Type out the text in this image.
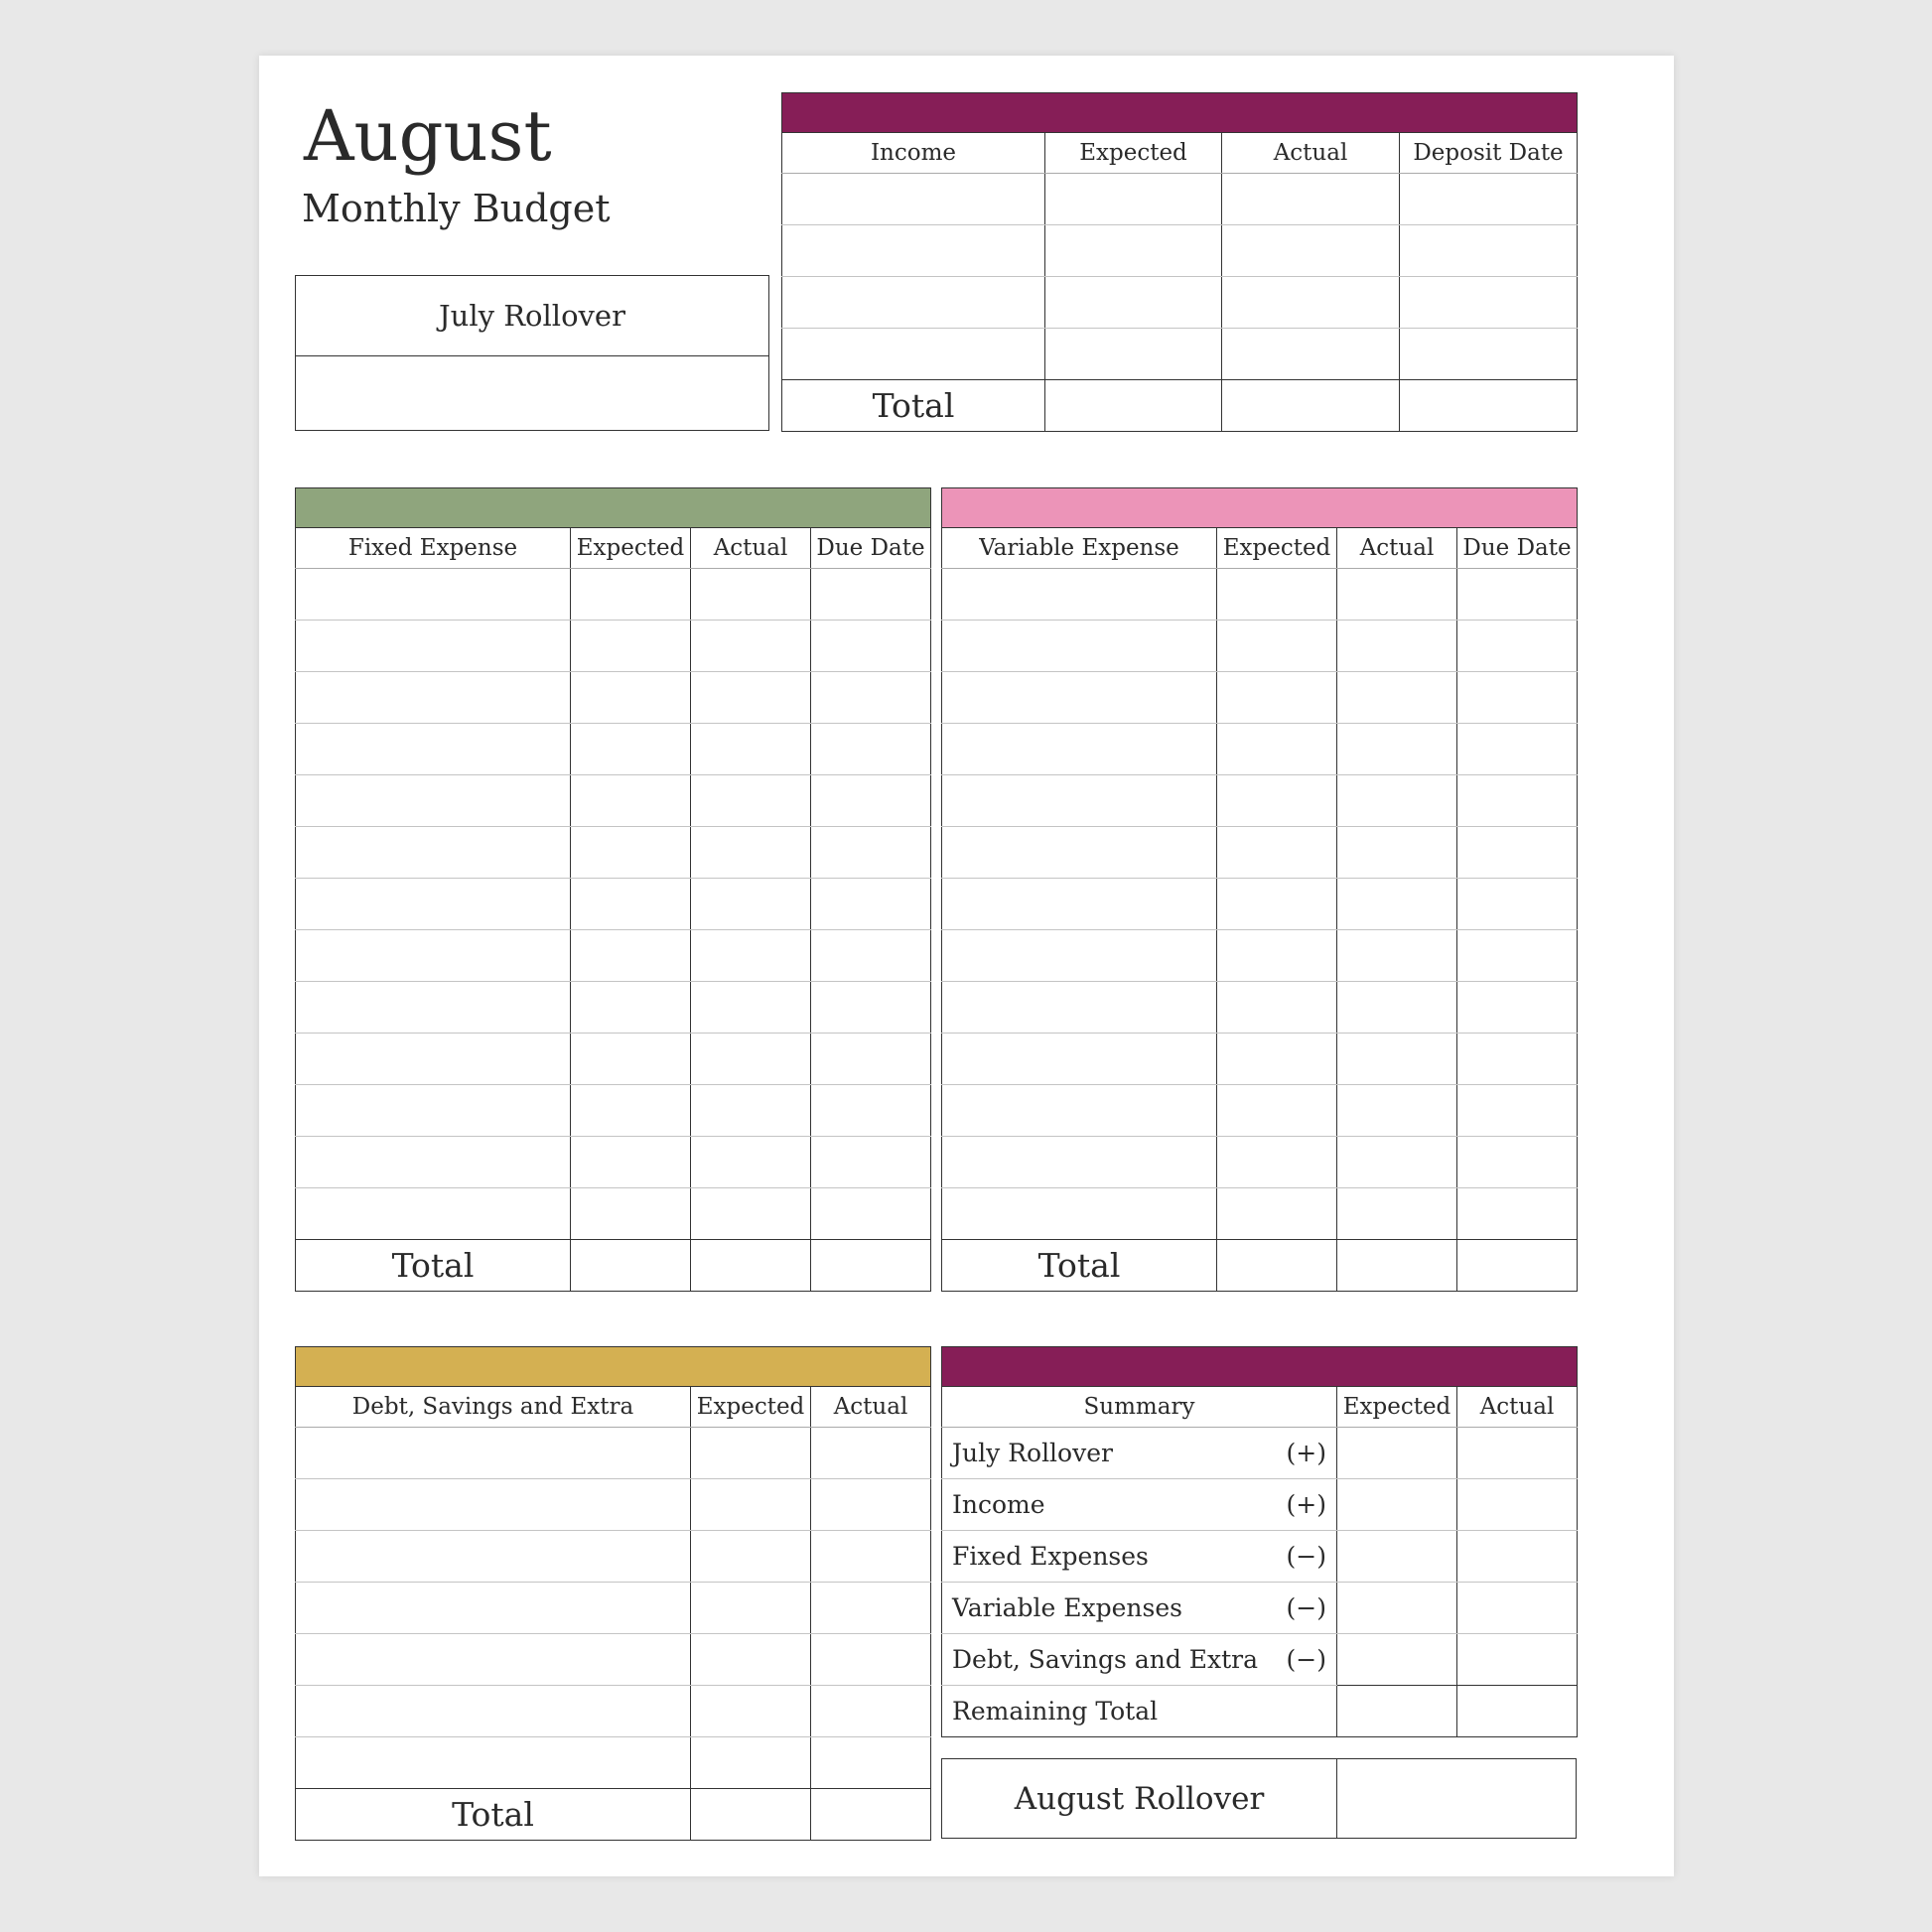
August
Monthly Budget
July Rollover

Income	Expected	Actual	Deposit Date

Total			

Fixed Expense	Expected	Actual	Due Date

Total			

Variable Expense	Expected	Actual	Due Date

Total			

Debt, Savings and Extra	Expected	Actual

Total		

Summary	Expected	Actual

July Rollover (+)		

Income (+)		

Fixed Expenses (−)		

Variable Expenses (−)		

Debt, Savings and Extra (−)		

Remaining Total		
August Rollover
